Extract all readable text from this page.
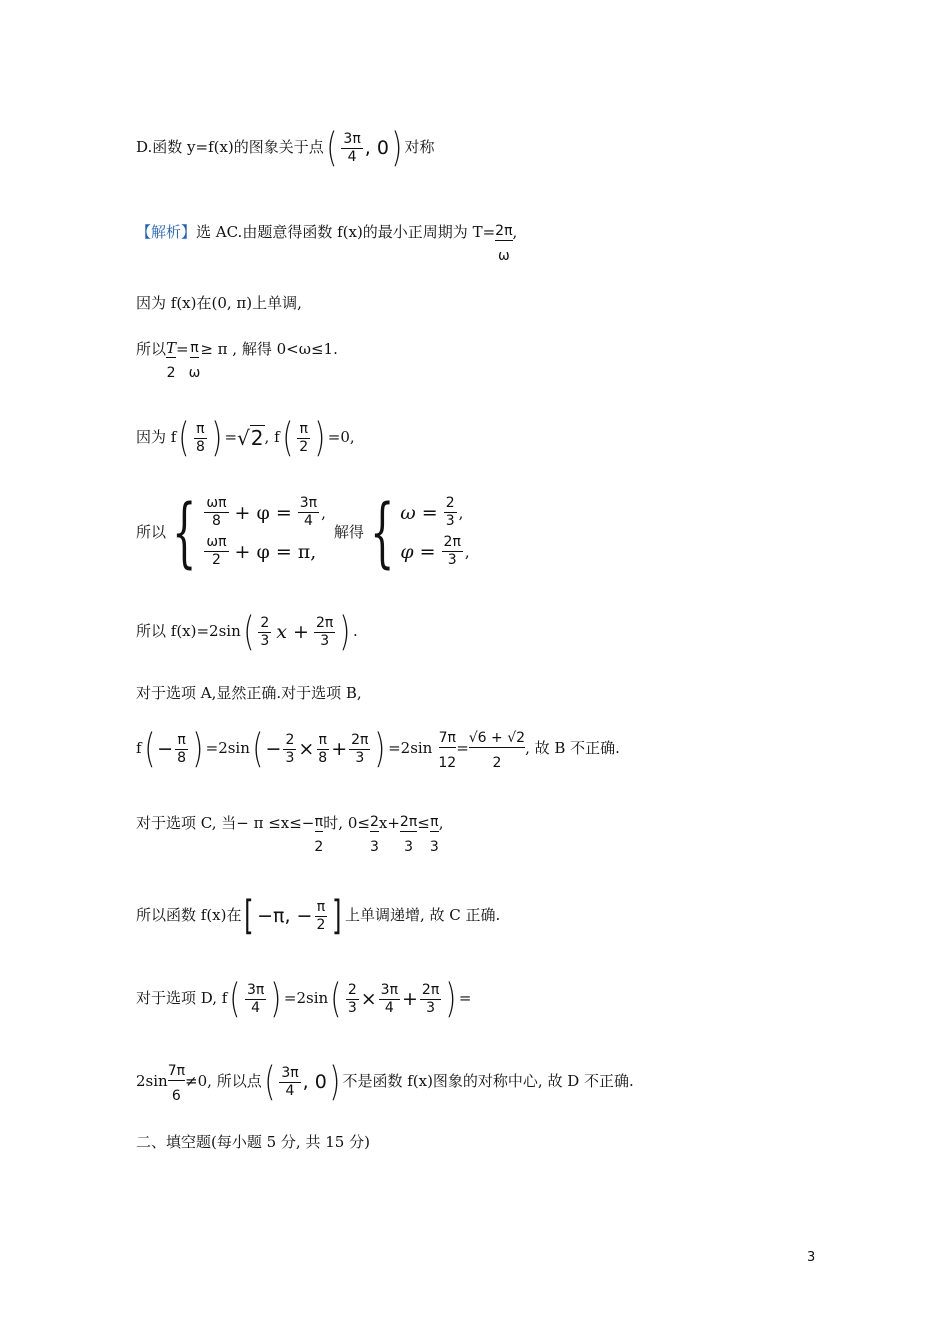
D.函数 y=f(x)的图象关于点( $\frac{3\pi}{4}$ , 0) 对称
【解析】选 AC.由题意得函数 f(x)的最小正周期为 $T= \frac{2\pi}{\omega}$ ,
因为 f(x)在(0, π)上单调,
所以 $\frac{T}{2} = \frac{\pi}{\omega} \ge \pi$ , 解得 0<ω≤1.
因为 $f( \frac{\pi}{8}$ ) =√2, $f( \frac{\pi}{2}$ ) =0,
所以{ $\frac{\omega\pi}{8} + \varphi = \frac{3\pi}{4}$ ,
$\frac{\omega\pi}{2} + \varphi = \pi$,
解得{ $\omega = \frac{2}{3}$ ,
$\varphi = \frac{2\pi}{3}$ ,
所以 $f(x)=2\sin( \frac{2}{3}$ $x + \frac{2\pi}{3}$ ) .
对于选项 A,显然正确.对于选项 B,
$f( - \frac{\pi}{8}$ ) $=2\sin( - \frac{2}{3} \times \frac{\pi}{8} + \frac{2\pi}{3}$ ) $=2\sin \frac{7\pi}{12} = \frac{√6 + √2}{2}$ , 故 B 不正确.
对于选项 C, 当− $\pi \le x\le- \frac{\pi}{2}$ 时, $0\le \frac{2}{3} x+ \frac{2\pi}{3} \le \frac{\pi}{3}$ ,
所以函数 f(x)在[ −π, − $\frac{\pi}{2}$ ] 上单调递增, 故 C 正确.
对于选项 D, $f( \frac{3\pi}{4}$ ) $=2\sin( \frac{2}{3} \times \frac{3\pi}{4} + \frac{2\pi}{3}$ ) =
$2\sin \frac{7\pi}{6} \ne 0$, 所以点( $\frac{3\pi}{4}$ , 0) 不是函数 f(x)图象的对称中心, 故 D 不正确.
二、填空题(每小题 5 分, 共 15 分)
3
